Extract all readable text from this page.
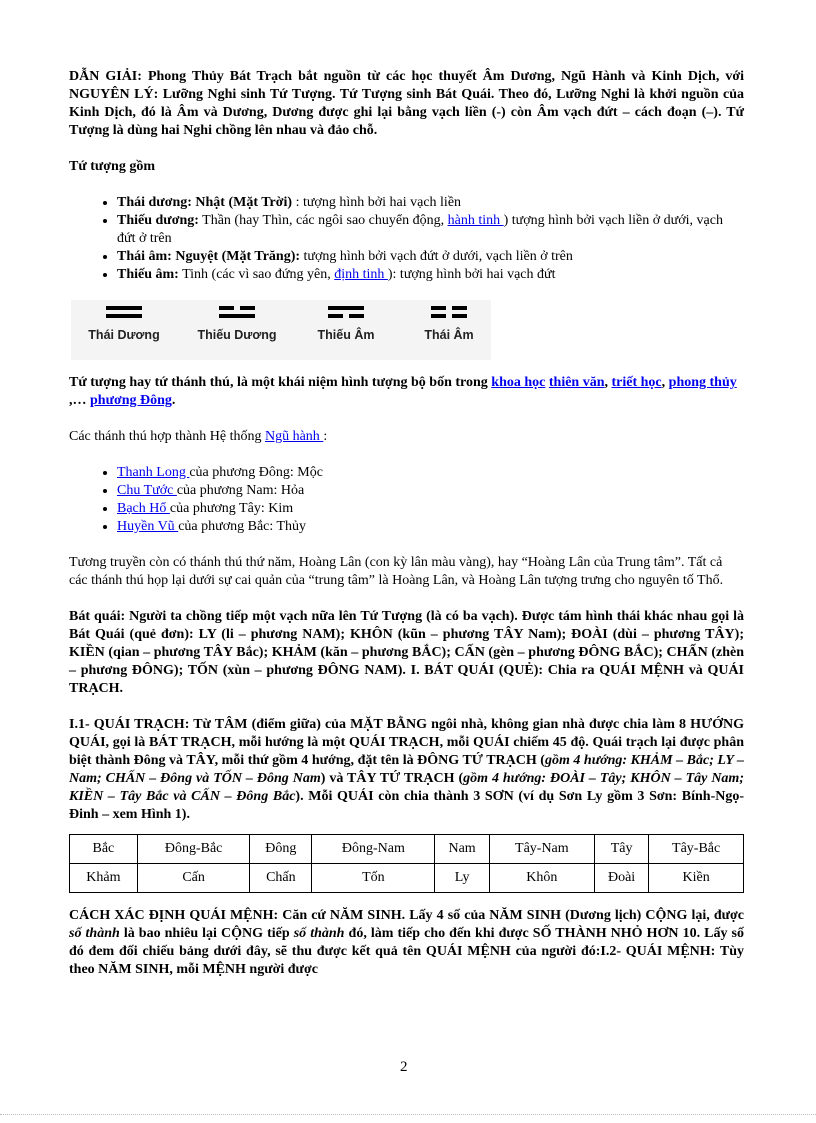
DẪN GIẢI: Phong Thủy Bát Trạch bắt nguồn từ các học thuyết Âm Dương, Ngũ Hành và Kinh Dịch, với NGUYÊN LÝ: Lưỡng Nghi sinh Tứ Tượng. Tứ Tượng sinh Bát Quái. Theo đó, Lưỡng Nghi là khởi nguồn của Kinh Dịch, đó là Âm và Dương, Dương được ghi lại bằng vạch liền (-) còn Âm vạch đứt – cách đoạn (–). Tứ Tượng là dùng hai Nghi chồng lên nhau và đảo chỗ.

Tứ tượng gồm

• Thái dương: Nhật (Mặt Trời) : tượng hình bởi hai vạch liền
• Thiếu dương: Thần (hay Thìn, các ngôi sao chuyển động, hành tinh ) tượng hình bởi vạch liền ở dưới, vạch đứt ở trên
• Thái âm: Nguyệt (Mặt Trăng): tượng hình bởi vạch đứt ở dưới, vạch liền ở trên
• Thiếu âm: Tinh (các vì sao đứng yên, định tinh ): tượng hình bởi hai vạch đứt
Thái Dương	Thiếu Dương	Thiếu Âm	Thái Âm

Tứ tượng hay tứ thánh thú, là một khái niệm hình tượng bộ bốn trong khoa học thiên văn, triết học, phong thủy ,… phương Đông.

Các thánh thú hợp thành Hệ thống Ngũ hành :

• Thanh Long của phương Đông: Mộc
• Chu Tước của phương Nam: Hỏa
• Bạch Hổ của phương Tây: Kim
• Huyền Vũ của phương Bắc: Thủy

Tương truyền còn có thánh thú thứ năm, Hoàng Lân (con kỳ lân màu vàng), hay “Hoàng Lân của Trung tâm”. Tất cả các thánh thú họp lại dưới sự cai quản của “trung tâm” là Hoàng Lân, và Hoàng Lân tượng trưng cho nguyên tố Thổ.

Bát quái: Người ta chồng tiếp một vạch nữa lên Tứ Tượng (là có ba vạch). Được tám hình thái khác nhau gọi là Bát Quái (quẻ đơn): LY (li – phương NAM); KHÔN (kũn – phương TÂY Nam); ĐOÀI (dùi – phương TÂY); KIỀN (qian – phương TÂY Bắc); KHẢM (kăn – phương BẮC); CẤN (gèn – phương ĐÔNG BẮC); CHẤN (zhèn – phương ĐÔNG); TỐN (xùn – phương ĐÔNG NAM). I. BÁT QUÁI (QUẺ): Chia ra QUÁI MỆNH và QUÁI TRẠCH.

I.1- QUÁI TRẠCH: Từ TÂM (điểm giữa) của MẶT BẰNG ngôi nhà, không gian nhà được chia làm 8 HƯỚNG QUÁI, gọi là BÁT TRẠCH, mỗi hướng là một QUÁI TRẠCH, mỗi QUÁI chiếm 45 độ. Quái trạch lại được phân biệt thành Đông và TÂY, mỗi thứ gồm 4 hướng, đặt tên là ĐÔNG TỨ TRẠCH (gồm 4 hướng: KHẢM – Bắc; LY – Nam; CHẤN – Đông và TỐN – Đông Nam) và TÂY TỨ TRẠCH (gồm 4 hướng: ĐOÀI – Tây; KHÔN – Tây Nam; KIỀN – Tây Bắc và CẤN – Đông Bắc). Mỗi QUÁI còn chia thành 3 SƠN (ví dụ Sơn Ly gồm 3 Sơn: Bính-Ngọ-Đinh – xem Hình 1).

Bắc	Đông-Bắc	Đông	Đông-Nam	Nam	Tây-Nam	Tây	Tây-Bắc
Khảm	Cấn	Chấn	Tốn	Ly	Khôn	Đoài	Kiền

CÁCH XÁC ĐỊNH QUÁI MỆNH: Căn cứ NĂM SINH. Lấy 4 số của NĂM SINH (Dương lịch) CỘNG lại, được số thành là bao nhiêu lại CỘNG tiếp số thành đó, làm tiếp cho đến khi được SỐ THÀNH NHỎ HƠN 10. Lấy số đó đem đối chiếu bảng dưới đây, sẽ thu được kết quả tên QUÁI MỆNH của người đó:I.2- QUÁI MỆNH: Tùy theo NĂM SINH, mỗi MỆNH người được

2
